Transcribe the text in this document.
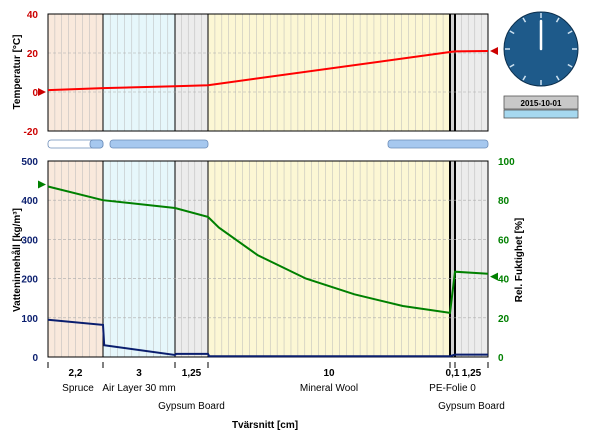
-20
0
20
40
0
100
200
300
400
500
0
20
40
60
80
100
2,2
Spruce
3
Air Layer 30 mm
1,25
Gypsum Board
10
Mineral Wool
0,1
PE-Folie 0
1,25
Gypsum Board
Temperatur [°C]
Vatteninnehåll [kg/m³]	Rel. Fuktighet [%]
Tvärsnitt [cm]
2015-10-01
